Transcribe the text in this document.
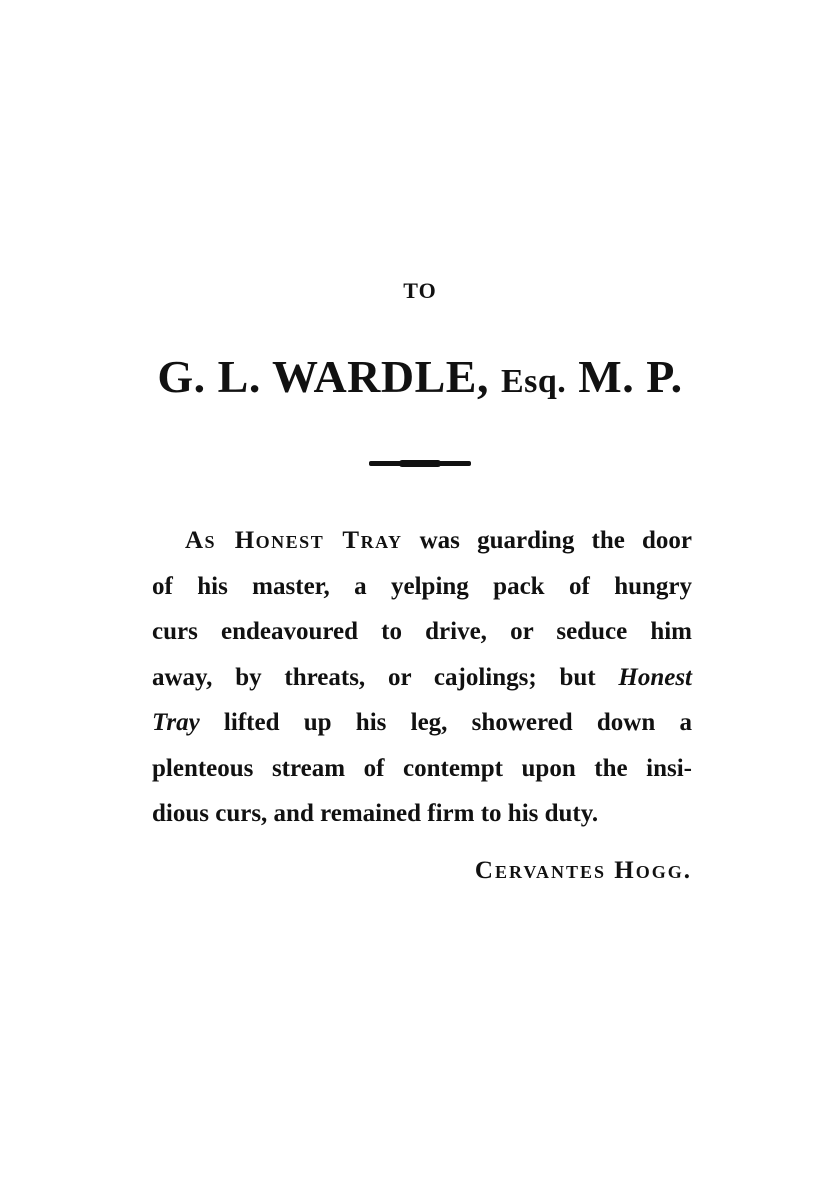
TO
G. L. WARDLE, Esq. M. P.
As Honest Tray was guarding the door
of his master, a yelping pack of hungry
curs endeavoured to drive, or seduce him
away, by threats, or cajolings; but Honest
Tray lifted up his leg, showered down a
plenteous stream of contempt upon the insi-
dious curs, and remained firm to his duty.
Cervantes Hogg.
